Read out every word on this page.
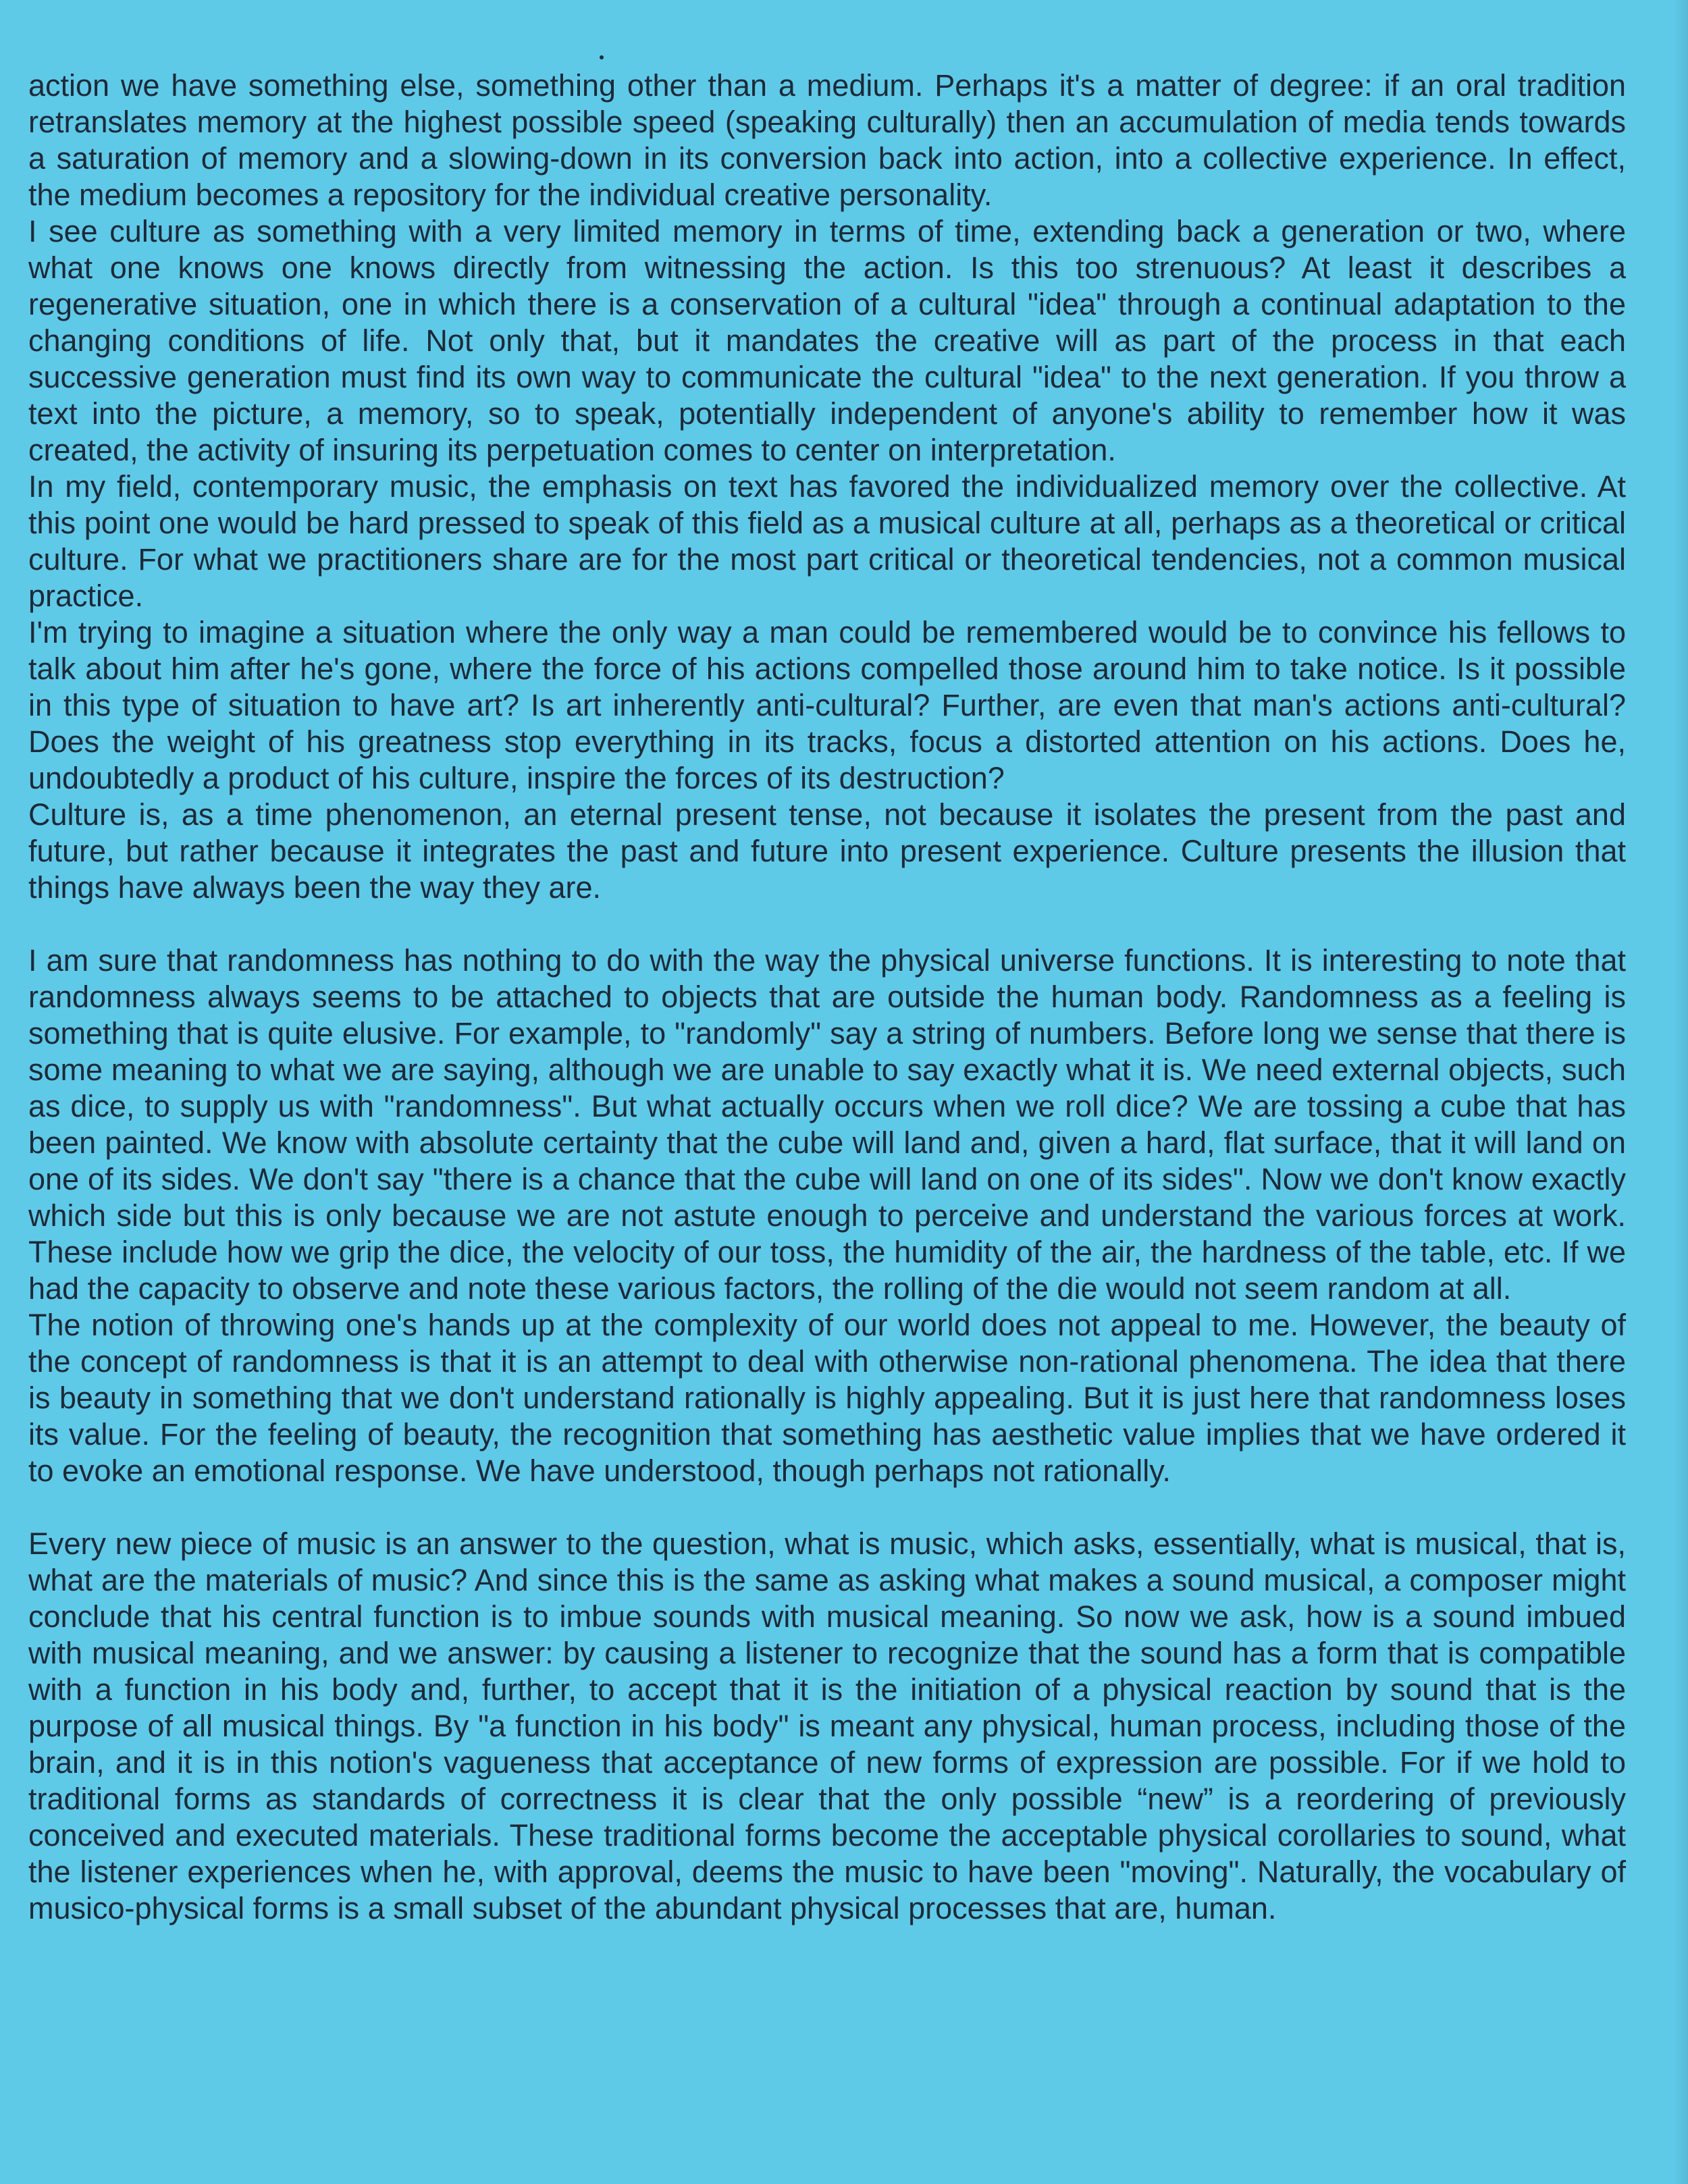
action we have something else, something other than a medium. Perhaps it's a matter of degree: if an oral tradition retranslates memory at the highest possible speed (speaking culturally) then an accumulation of media tends towards a saturation of memory and a slowing-down in its conversion back into action, into a collective experience. In effect, the medium becomes a repository for the individual creative personality.

I see culture as something with a very limited memory in terms of time, extending back a generation or two, where what one knows one knows directly from witnessing the action. Is this too strenuous? At least it describes a regenerative situation, one in which there is a conservation of a cultural "idea" through a continual adaptation to the changing conditions of life. Not only that, but it mandates the creative will as part of the process in that each successive generation must find its own way to communicate the cultural "idea" to the next generation. If you throw a text into the picture, a memory, so to speak, potentially independent of anyone's ability to remember how it was created, the activity of insuring its perpetuation comes to center on interpretation.

In my field, contemporary music, the emphasis on text has favored the individualized memory over the collective. At this point one would be hard pressed to speak of this field as a musical culture at all, perhaps as a theoretical or critical culture. For what we practitioners share are for the most part critical or theoretical tendencies, not a common musical practice.

I'm trying to imagine a situation where the only way a man could be remembered would be to convince his fellows to talk about him after he's gone, where the force of his actions compelled those around him to take notice. Is it possible in this type of situation to have art? Is art inherently anti-cultural? Further, are even that man's actions anti-cultural? Does the weight of his greatness stop everything in its tracks, focus a distorted attention on his actions. Does he, undoubtedly a product of his culture, inspire the forces of its destruction?

Culture is, as a time phenomenon, an eternal present tense, not because it isolates the present from the past and future, but rather because it integrates the past and future into present experience. Culture presents the illusion that things have always been the way they are.

I am sure that randomness has nothing to do with the way the physical universe functions. It is interesting to note that randomness always seems to be attached to objects that are outside the human body. Randomness as a feeling is something that is quite elusive. For example, to "randomly" say a string of numbers. Before long we sense that there is some meaning to what we are saying, although we are unable to say exactly what it is. We need external objects, such as dice, to supply us with "randomness". But what actually occurs when we roll dice? We are tossing a cube that has been painted. We know with absolute certainty that the cube will land and, given a hard, flat surface, that it will land on one of its sides. We don't say "there is a chance that the cube will land on one of its sides". Now we don't know exactly which side but this is only because we are not astute enough to perceive and understand the various forces at work. These include how we grip the dice, the velocity of our toss, the humidity of the air, the hardness of the table, etc. If we had the capacity to observe and note these various factors, the rolling of the die would not seem random at all.

The notion of throwing one's hands up at the complexity of our world does not appeal to me. However, the beauty of the concept of randomness is that it is an attempt to deal with otherwise non-rational phenomena. The idea that there is beauty in something that we don't understand rationally is highly appealing. But it is just here that randomness loses its value. For the feeling of beauty, the recognition that something has aesthetic value implies that we have ordered it to evoke an emotional response. We have understood, though perhaps not rationally.

Every new piece of music is an answer to the question, what is music, which asks, essentially, what is musical, that is, what are the materials of music? And since this is the same as asking what makes a sound musical, a composer might conclude that his central function is to imbue sounds with musical meaning. So now we ask, how is a sound imbued with musical meaning, and we answer: by causing a listener to recognize that the sound has a form that is compatible with a function in his body and, further, to accept that it is the initiation of a physical reaction by sound that is the purpose of all musical things. By "a function in his body" is meant any physical, human process, including those of the brain, and it is in this notion's vagueness that acceptance of new forms of expression are possible. For if we hold to traditional forms as standards of correctness it is clear that the only possible “new” is a reordering of previously conceived and executed materials. These traditional forms become the acceptable physical corollaries to sound, what the listener experiences when he, with approval, deems the music to have been "moving". Naturally, the vocabulary of musico-physical forms is a small subset of the abundant physical processes that are, human.
